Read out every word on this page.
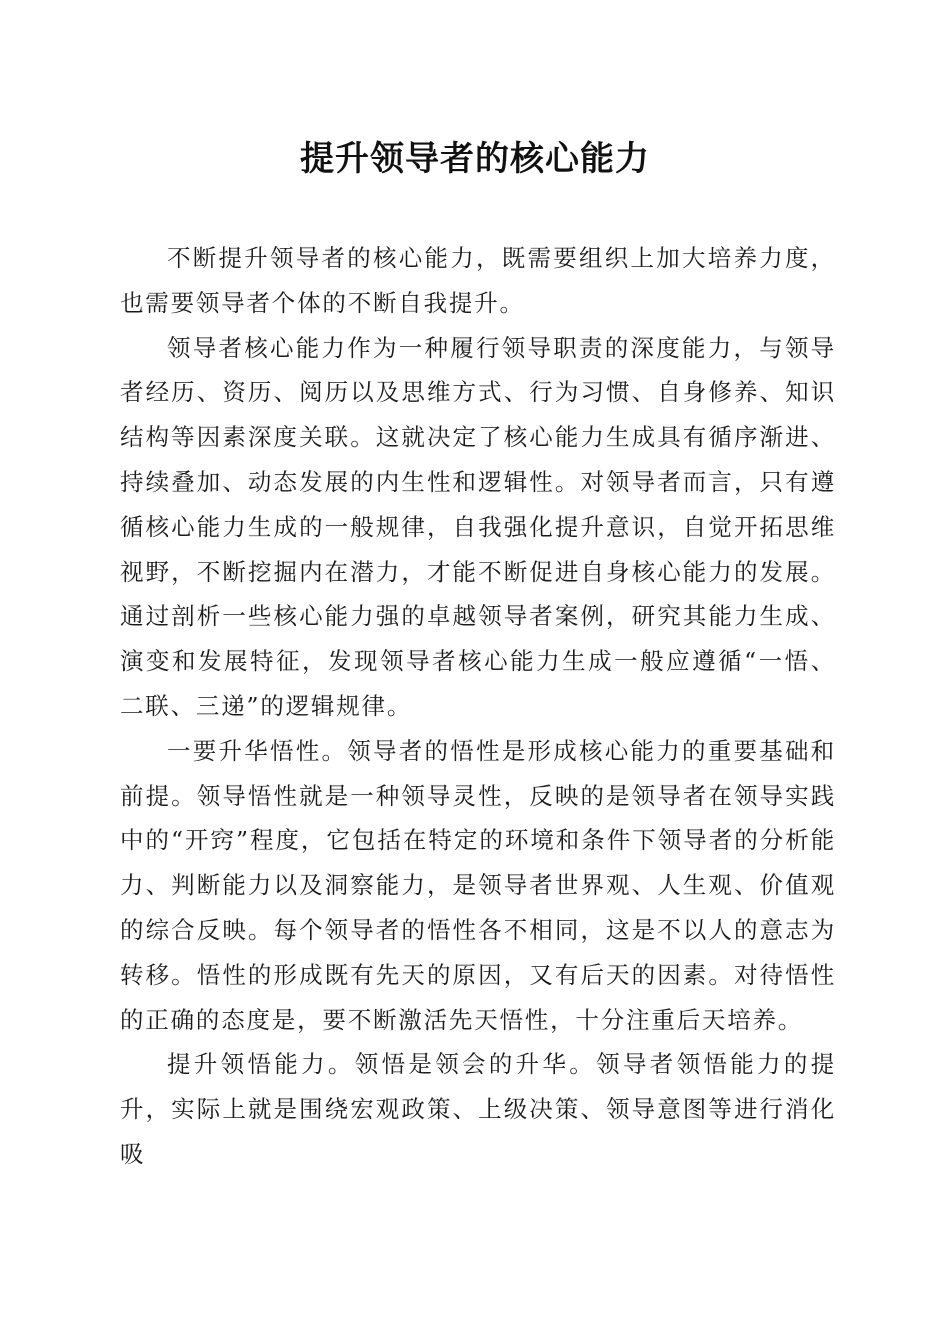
提升领导者的核心能力

不断提升领导者的核心能力，既需要组织上加大培养力度，也需要领导者个体的不断自我提升。

领导者核心能力作为一种履行领导职责的深度能力，与领导者经历、资历、阅历以及思维方式、行为习惯、自身修养、知识结构等因素深度关联。这就决定了核心能力生成具有循序渐进、持续叠加、动态发展的内生性和逻辑性。对领导者而言，只有遵循核心能力生成的一般规律，自我强化提升意识，自觉开拓思维视野，不断挖掘内在潜力，才能不断促进自身核心能力的发展。通过剖析一些核心能力强的卓越领导者案例，研究其能力生成、演变和发展特征，发现领导者核心能力生成一般应遵循“一悟、二联、三递”的逻辑规律。

一要升华悟性。领导者的悟性是形成核心能力的重要基础和前提。领导悟性就是一种领导灵性，反映的是领导者在领导实践中的“开窍”程度，它包括在特定的环境和条件下领导者的分析能力、判断能力以及洞察能力，是领导者世界观、人生观、价值观的综合反映。每个领导者的悟性各不相同，这是不以人的意志为转移。悟性的形成既有先天的原因，又有后天的因素。对待悟性的正确的态度是，要不断激活先天悟性，十分注重后天培养。

提升领悟能力。领悟是领会的升华。领导者领悟能力的提升，实际上就是围绕宏观政策、上级决策、领导意图等进行消化吸
